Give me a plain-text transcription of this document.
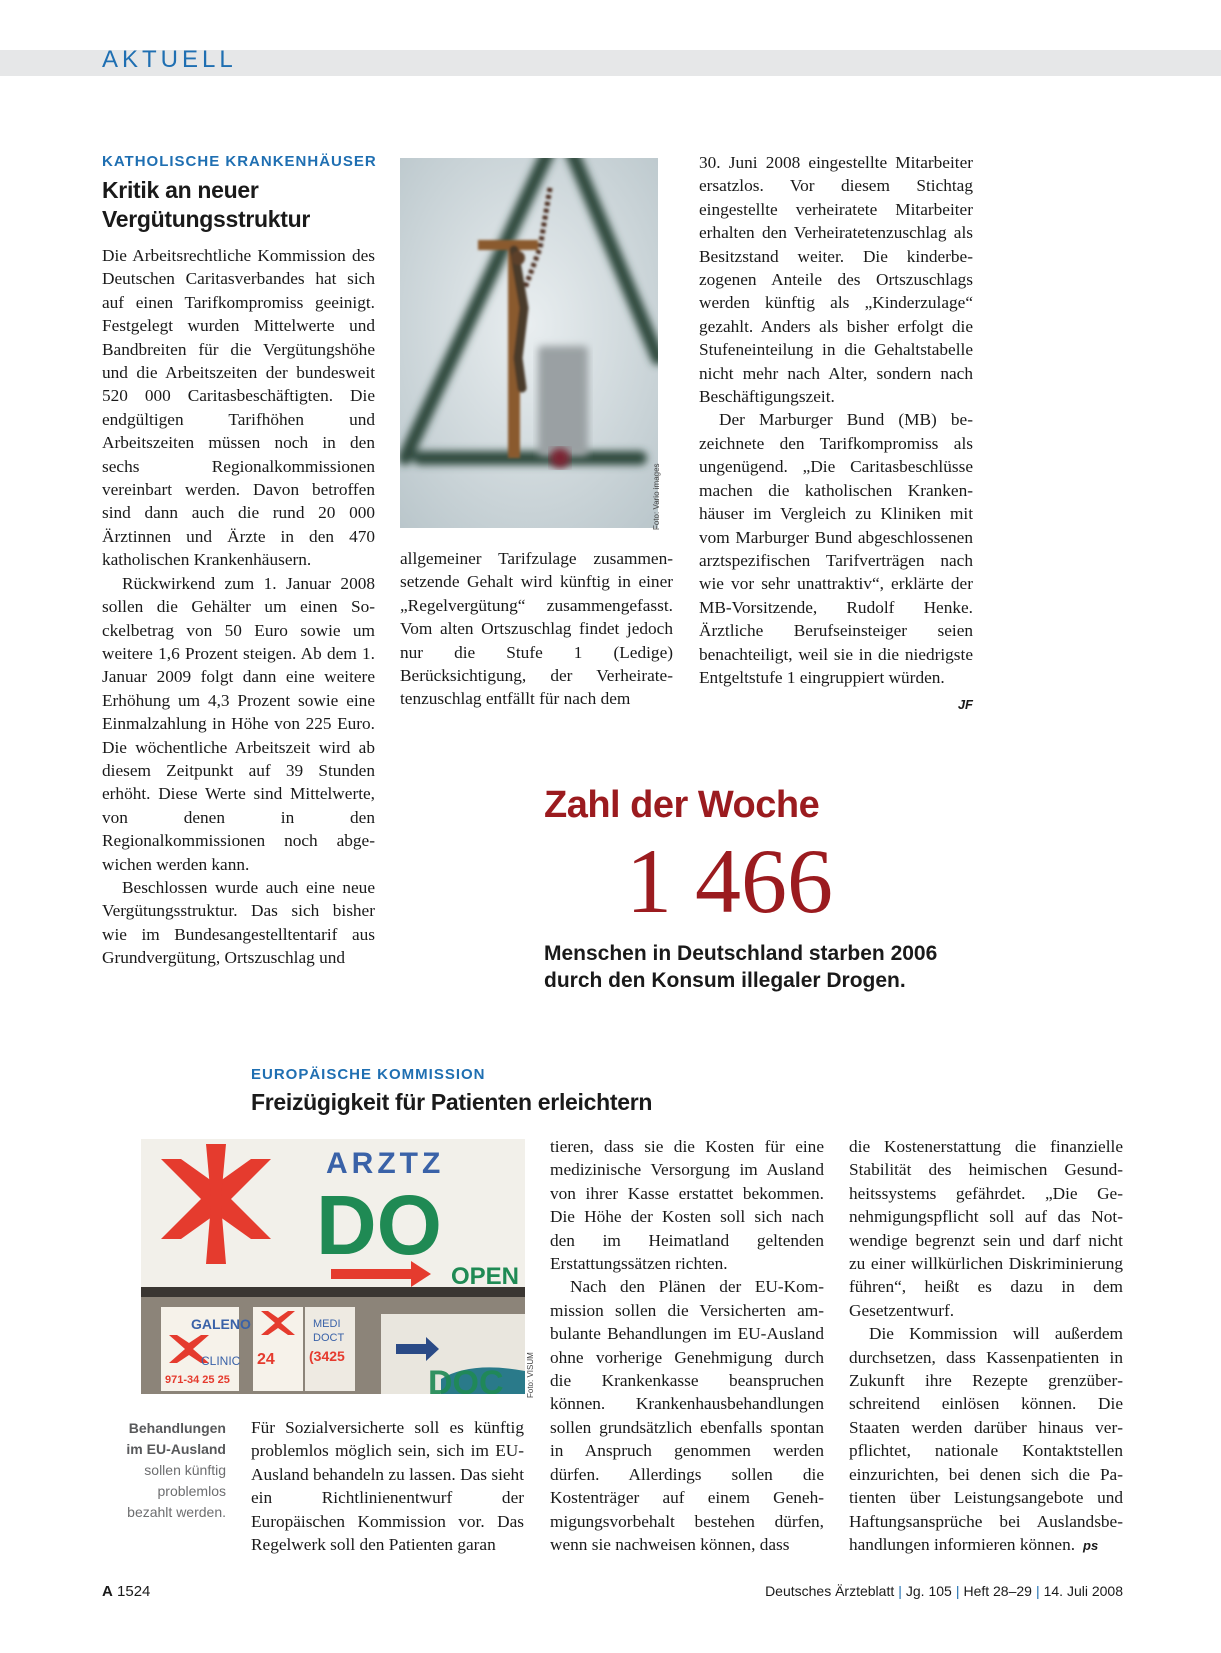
AKTUELL
KATHOLISCHE KRANKENHÄUSER
Kritik an neuer
Vergütungsstruktur

Die Arbeitsrechtliche Kommission des Deutschen Caritasverbandes hat sich auf einen Tarifkompromiss geeinigt. Festgelegt wurden Mittelwerte und Bandbreiten für die Vergütungshöhe und die Arbeitszeiten der bundesweit 520 000 Caritasbeschäftigten. Die endgültigen Tarifhöhen und Arbeitszeiten müssen noch in den sechs Regionalkommissionen vereinbart werden. Davon betroffen sind dann auch die rund 20 000 Ärztinnen und Ärzte in den 470 katholischen Krankenhäusern.

Rückwirkend zum 1. Januar 2008 sollen die Gehälter um einen Sockelbetrag von 50 Euro sowie um weitere 1,6 Prozent steigen. Ab dem 1. Januar 2009 folgt dann eine weitere Erhöhung um 4,3 Prozent sowie eine Einmalzahlung in Höhe von 225 Euro. Die wöchentliche Arbeitszeit wird ab diesem Zeitpunkt auf 39 Stunden erhöht. Diese Werte sind Mittelwerte, von denen in den Regionalkommissionen noch abgewichen werden kann.

Beschlossen wurde auch eine neue Vergütungsstruktur. Das sich bisher wie im Bundesangestelltentarif aus Grundvergütung, Ortszuschlag und

Foto: Vario images

allgemeiner Tarifzulage zusammensetzende Gehalt wird künftig in einer „Regelvergütung“ zusammengefasst. Vom alten Ortszuschlag findet jedoch nur die Stufe 1 (Ledige) Berücksichtigung, der Verheiratetenzuschlag entfällt für nach dem

30. Juni 2008 eingestellte Mitarbeiter ersatzlos. Vor diesem Stichtag eingestellte verheiratete Mitarbeiter erhalten den Verheiratetenzuschlag als Besitzstand weiter. Die kinderbezogenen Anteile des Ortszuschlags werden künftig als „Kinderzulage“ gezahlt. Anders als bisher erfolgt die Stufeneinteilung in die Gehaltstabelle nicht mehr nach Alter, sondern nach Beschäftigungszeit.

Der Marburger Bund (MB) bezeichnete den Tarifkompromiss als ungenügend. „Die Caritasbeschlüsse machen die katholischen Krankenhäuser im Vergleich zu Kliniken mit vom Marburger Bund abgeschlossenen arztspezifischen Tarifverträgen nach wie vor sehr unattraktiv“, erklärte der MB-Vorsitzende, Rudolf Henke. Ärztliche Berufseinsteiger seien benachteiligt, weil sie in die niedrigste Entgeltstufe 1 eingruppiert würden.
JF

Zahl der Woche
1 466
Menschen in Deutschland starben 2006 durch den Konsum illegaler Drogen.
EUROPÄISCHE KOMMISSION
Freizügigkeit für Patienten erleichtern
ARZTZ
DO
OPEN
GALENO
CLINIC
971-34 25 25
24
MEDI
DOCT
(3425
DOC	Foto: VISUM
Behandlungen
im EU-Ausland
sollen künftig problemlos bezahlt werden.

Für Sozialversicherte soll es künftig problemlos möglich sein, sich im EU-Ausland behandeln zu lassen. Das sieht ein Richtlinienentwurf der Europäischen Kommission vor. Das Regelwerk soll den Patienten garan

tieren, dass sie die Kosten für eine medizinische Versorgung im Ausland von ihrer Kasse erstattet bekommen. Die Höhe der Kosten soll sich nach den im Heimatland geltenden Erstattungssätzen richten.

Nach den Plänen der EU-Kommission sollen die Versicherten ambulante Behandlungen im EU-Ausland ohne vorherige Genehmigung durch die Krankenkasse beanspruchen können. Krankenhausbehandlungen sollen grundsätzlich ebenfalls spontan in Anspruch genommen werden dürfen. Allerdings sollen die Kostenträger auf einem Genehmigungsvorbehalt bestehen dürfen, wenn sie nachweisen können, dass

die Kostenerstattung die finanzielle Stabilität des heimischen Gesundheitssystems gefährdet. „Die Genehmigungspflicht soll auf das Notwendige begrenzt sein und darf nicht zu einer willkürlichen Diskriminierung führen“, heißt es dazu in dem Gesetzentwurf.

Die Kommission will außerdem durchsetzen, dass Kassenpatienten in Zukunft ihre Rezepte grenzüberschreitend einlösen können. Die Staaten werden darüber hinaus verpflichtet, nationale Kontaktstellen einzurichten, bei denen sich die Patienten über Leistungsangebote und Haftungsansprüche bei Auslandsbehandlungen informieren können. ps

A 1524	Deutsches Ärzteblatt | Jg. 105 | Heft 28–29 | 14. Juli 2008
